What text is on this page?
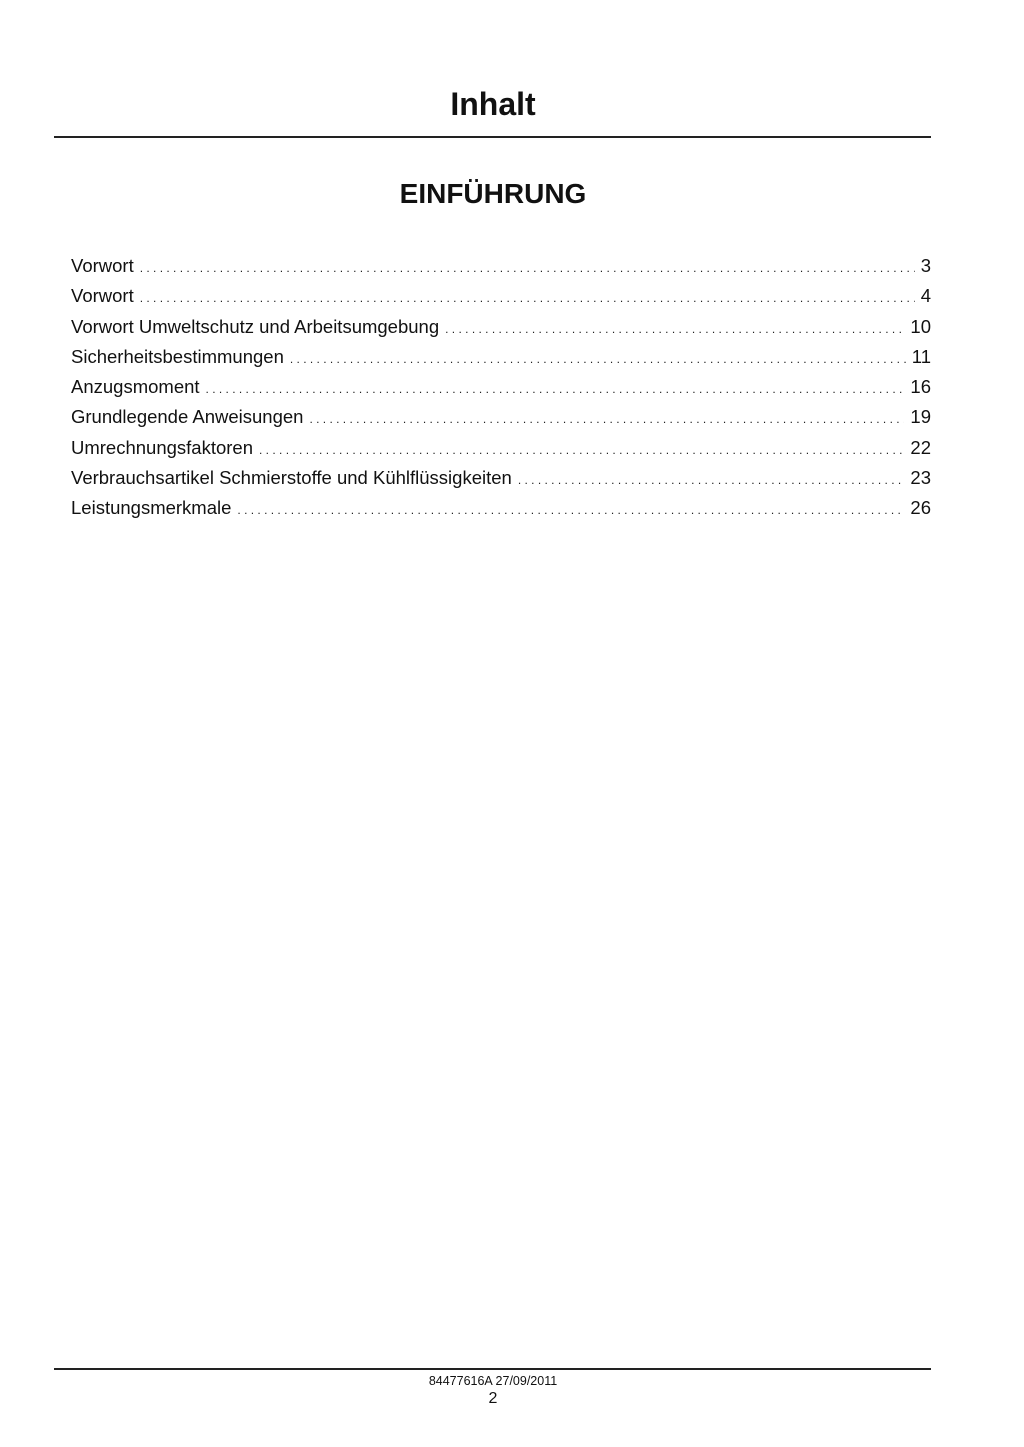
Inhalt
EINFÜHRUNG
Vorwort . . .	3
Vorwort . . .	4
Vorwort Umweltschutz und Arbeitsumgebung . . .	10
Sicherheitsbestimmungen . . .	11
Anzugsmoment . . .	16
Grundlegende Anweisungen . . .	19
Umrechnungsfaktoren . . .	22
Verbrauchsartikel Schmierstoffe und Kühlflüssigkeiten . . .	23
Leistungsmerkmale . . .	26
84477616A 27/09/2011
2
